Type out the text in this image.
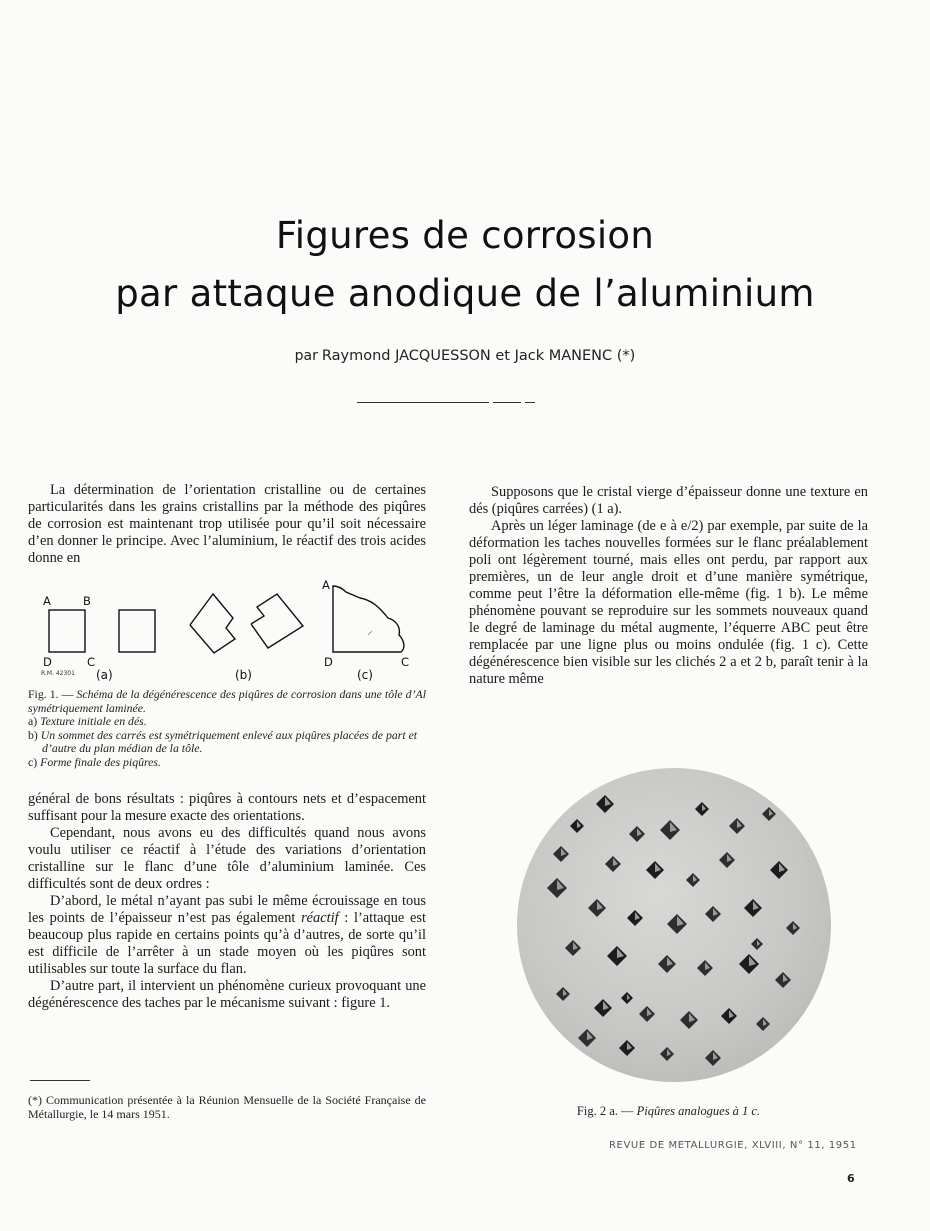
Figures de corrosion
par attaque anodique de l’aluminium
par Raymond JACQUESSON et Jack MANENC (*)

La détermination de l’orientation cristalline ou de certaines particularités dans les grains cristallins par la méthode des piqûres de corrosion est maintenant trop utilisée pour qu’il soit nécessaire d’en donner le principe. Avec l’aluminium, le réactif des trois acides donne en

A	B
D	C
R.M. 42301 (a)	(b)
A
D
(c)
C

Fig. 1. — Schéma de la dégénérescence des piqûres de corrosion dans une tôle d’Al symétriquement laminée.

a) Texture initiale en dés.

b) Un sommet des carrés est symétriquement enlevé aux piqûres placées de part et d’autre du plan médian de la tôle.

c) Forme finale des piqûres.

général de bons résultats : piqûres à contours nets et d’espacement suffisant pour la mesure exacte des orientations.

Cependant, nous avons eu des difficultés quand nous avons voulu utiliser ce réactif à l’étude des variations d’orientation cristalline sur le flanc d’une tôle d’aluminium laminée. Ces difficultés sont de deux ordres :

D’abord, le métal n’ayant pas subi le même écrouissage en tous les points de l’épaisseur n’est pas également réactif : l’attaque est beaucoup plus rapide en certains points qu’à d’autres, de sorte qu’il est difficile de l’arrêter à un stade moyen où les piqûres sont utilisables sur toute la surface du flan.

D’autre part, il intervient un phénomène curieux provoquant une dégénérescence des taches par le mécanisme suivant : figure 1.

(*) Communication présentée à la Réunion Mensuelle de la Société Française de Métallurgie, le 14 mars 1951.

Supposons que le cristal vierge d’épaisseur donne une texture en dés (piqûres carrées) (1 a).

Après un léger laminage (de e à e/2) par exemple, par suite de la déformation les taches nouvelles formées sur le flanc préalablement poli ont légèrement tourné, mais elles ont perdu, par rapport aux premières, un de leur angle droit et d’une manière symétrique, comme peut l’être la déformation elle-même (fig. 1 b). Le même phénomène pouvant se reproduire sur les sommets nouveaux quand le degré de laminage du métal augmente, l’équerre ABC peut être remplacée par une ligne plus ou moins ondulée (fig. 1 c). Cette dégénérescence bien visible sur les clichés 2 a et 2 b, paraît tenir à la nature même

R.M. 42302 A
Fig. 2 a. — Piqûres analogues à 1 c.
REVUE DE METALLURGIE, XLVIII, N° 11, 1951
6
